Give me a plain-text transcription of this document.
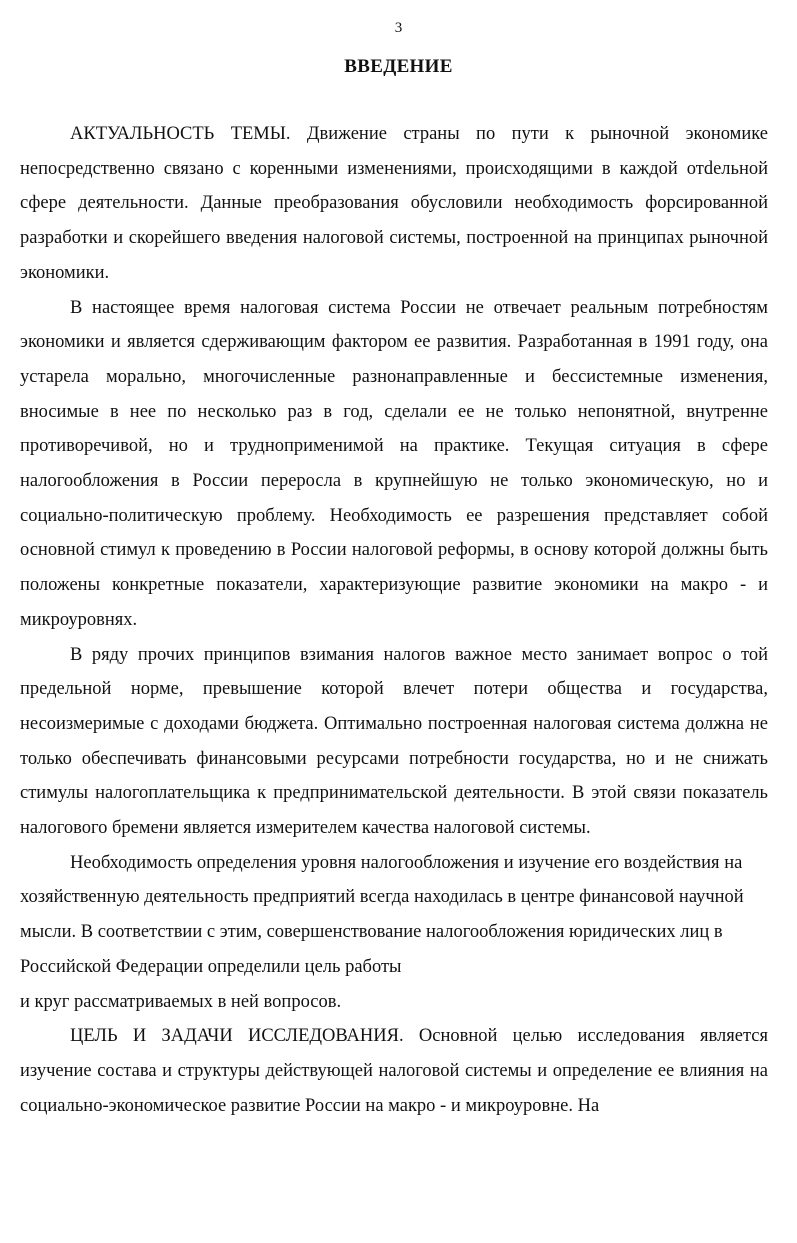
3
ВВЕДЕНИЕ

АКТУАЛЬНОСТЬ ТЕМЫ. Движение страны по пути к рыночной экономике непосредственно связано с коренными изменениями, происходящими в каждой отdельной сфере деятельности. Данные преобразования обусловили необходимость форсированной разработки и скорейшего введения налоговой системы, построенной на принципах рыночной экономики.

В настоящее время налоговая система России не отвечает реальным потребностям экономики и является сдерживающим фактором ее развития. Разработанная в 1991 году, она устарела морально, многочисленные разнонаправленные и бессистемные изменения, вносимые в нее по несколько раз в год, сделали ее не только непонятной, внутренне противоречивой, но и трудноприменимой на практике. Текущая ситуация в сфере налогообложения в России переросла в крупнейшую не только экономическую, но и социально-политическую проблему. Необходимость ее разрешения представляет собой основной стимул к проведению в России налоговой реформы, в основу которой должны быть положены конкретные показатели, характеризующие развитие экономики на макро - и микроуровнях.

В ряду прочих принципов взимания налогов важное место занимает вопрос о той предельной норме, превышение которой влечет потери общества и государства, несоизмеримые с доходами бюджета. Оптимально построенная налоговая система должна не только обеспечивать финансовыми ресурсами потребности государства, но и не снижать стимулы налогоплательщика к предпринимательской деятельности. В этой связи показатель налогового бремени является измерителем качества налоговой системы.

Необходимость определения уровня налогообложения и изучение его воздействия на хозяйственную деятельность предприятий всегда находилась в центре финансовой научной мысли. В соответствии с этим, совершенствование налогообложения юридических лиц в Российской Федерации определили цель работы

и круг рассматриваемых в ней вопросов.

ЦЕЛЬ И ЗАДАЧИ ИССЛЕДОВАНИЯ. Основной целью исследования является изучение состава и структуры действующей налоговой системы и определение ее влияния на социально-экономическое развитие России на макро - и микроуровне. На
